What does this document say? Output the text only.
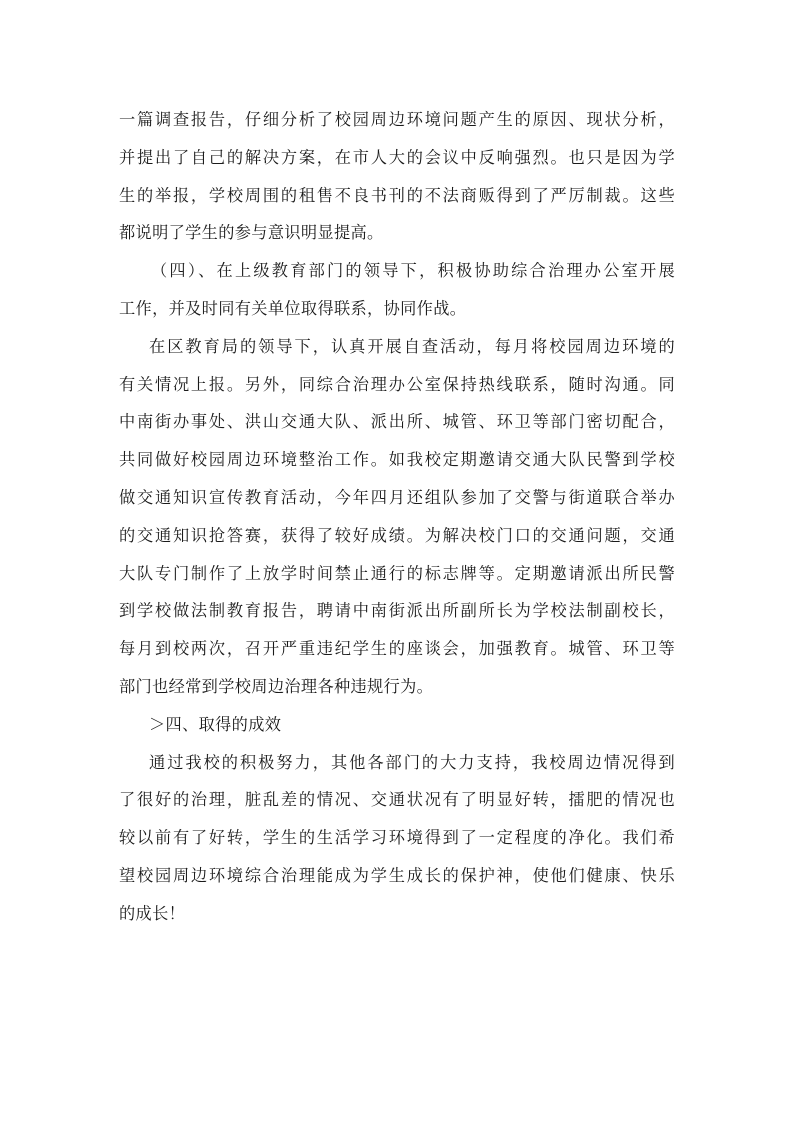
一篇调查报告，仔细分析了校园周边环境问题产生的原因、现状分析，
并提出了自己的解决方案，在市人大的会议中反响强烈。也只是因为学
生的举报，学校周围的租售不良书刊的不法商贩得到了严厉制裁。这些
都说明了学生的参与意识明显提高。
（四）、在上级教育部门的领导下，积极协助综合治理办公室开展
工作，并及时同有关单位取得联系，协同作战。
在区教育局的领导下，认真开展自查活动，每月将校园周边环境的
有关情况上报。另外，同综合治理办公室保持热线联系，随时沟通。同
中南街办事处、洪山交通大队、派出所、城管、环卫等部门密切配合，
共同做好校园周边环境整治工作。如我校定期邀请交通大队民警到学校
做交通知识宣传教育活动，今年四月还组队参加了交警与街道联合举办
的交通知识抢答赛，获得了较好成绩。为解决校门口的交通问题，交通
大队专门制作了上放学时间禁止通行的标志牌等。定期邀请派出所民警
到学校做法制教育报告，聘请中南街派出所副所长为学校法制副校长，
每月到校两次，召开严重违纪学生的座谈会，加强教育。城管、环卫等
部门也经常到学校周边治理各种违规行为。
＞四、取得的成效
通过我校的积极努力，其他各部门的大力支持，我校周边情况得到
了很好的治理，脏乱差的情况、交通状况有了明显好转，擂肥的情况也
较以前有了好转，学生的生活学习环境得到了一定程度的净化。我们希
望校园周边环境综合治理能成为学生成长的保护神，使他们健康、快乐
的成长！
